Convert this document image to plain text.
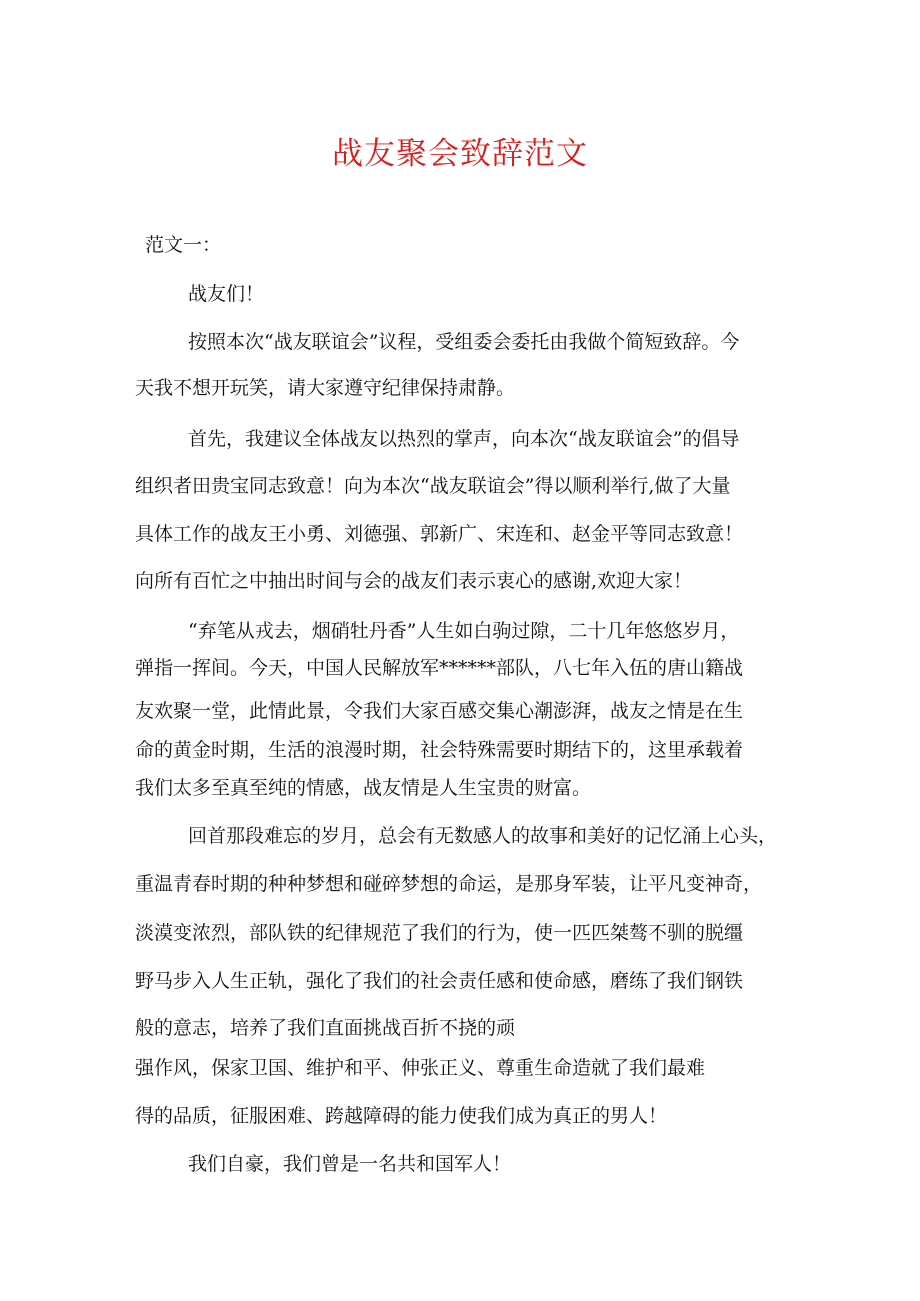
战友聚会致辞范文

范文一：

战友们！

按照本次“战友联谊会”议程，受组委会委托由我做个简短致辞。今

天我不想开玩笑，请大家遵守纪律保持肃静。

首先，我建议全体战友以热烈的掌声，向本次“战友联谊会”的倡导

组织者田贵宝同志致意！向为本次“战友联谊会”得以顺利举行,做了大量

具体工作的战友王小勇、刘德强、郭新广、宋连和、赵金平等同志致意！

向所有百忙之中抽出时间与会的战友们表示衷心的感谢,欢迎大家！

“弃笔从戎去，烟硝牡丹香”人生如白驹过隙，二十几年悠悠岁月，

弹指一挥间。今天，中国人民解放军******部队，八七年入伍的唐山籍战

友欢聚一堂，此情此景，令我们大家百感交集心潮澎湃，战友之情是在生

命的黄金时期，生活的浪漫时期，社会特殊需要时期结下的，这里承载着

我们太多至真至纯的情感，战友情是人生宝贵的财富。

回首那段难忘的岁月，总会有无数感人的故事和美好的记忆涌上心头，

重温青春时期的种种梦想和碰碎梦想的命运，是那身军装，让平凡变神奇，

淡漠变浓烈，部队铁的纪律规范了我们的行为，使一匹匹桀骜不驯的脱缰

野马步入人生正轨，强化了我们的社会责任感和使命感，磨练了我们钢铁

般的意志，培养了我们直面挑战百折不挠的顽

强作风，保家卫国、维护和平、伸张正义、尊重生命造就了我们最难

得的品质，征服困难、跨越障碍的能力使我们成为真正的男人！

我们自豪，我们曾是一名共和国军人！
